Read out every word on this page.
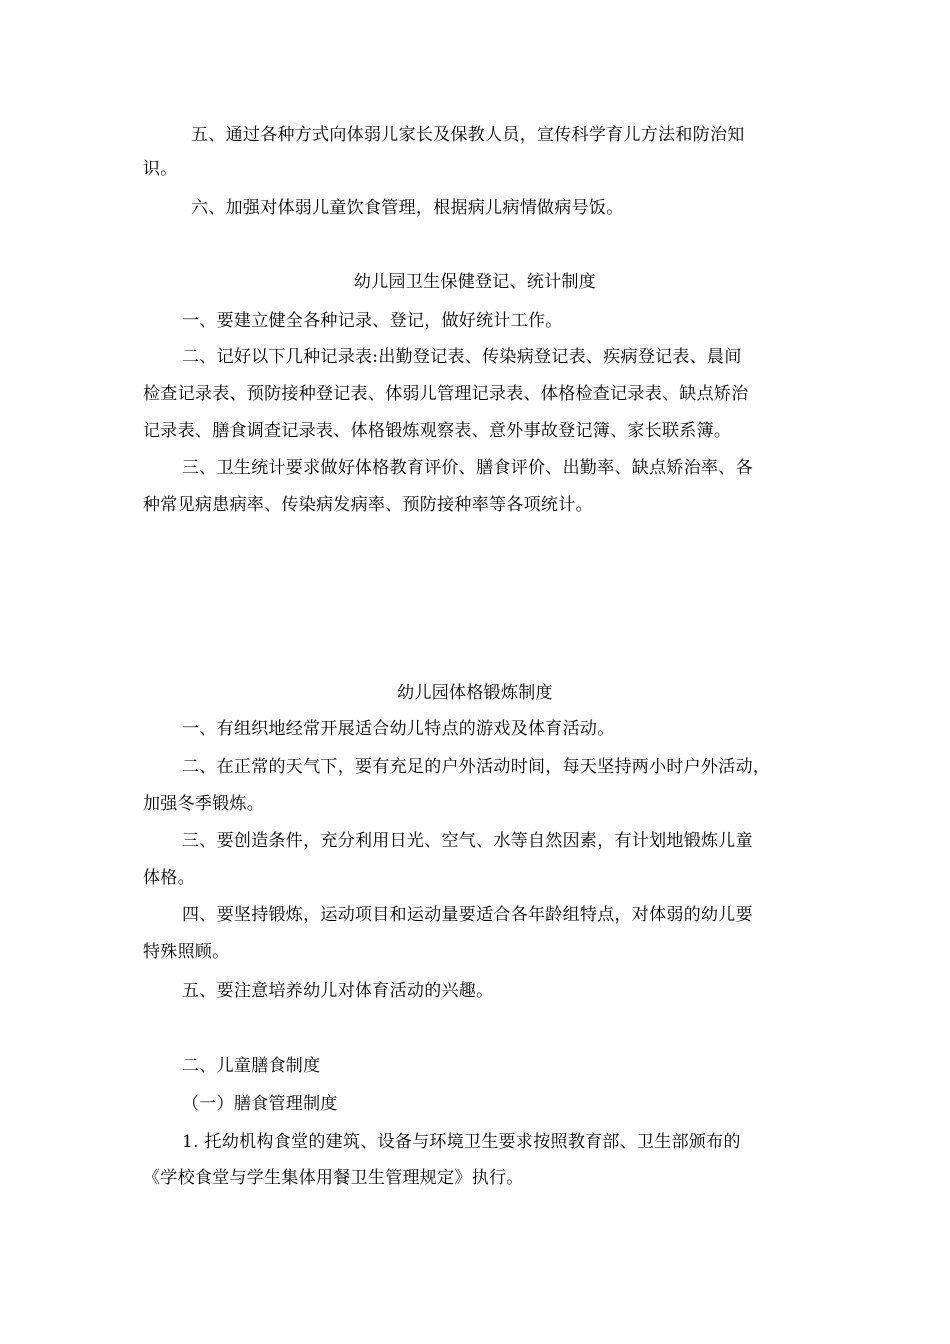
五、通过各种方式向体弱儿家长及保教人员，宣传科学育儿方法和防治知
识。
六、加强对体弱儿童饮食管理，根据病儿病情做病号饭。
幼儿园卫生保健登记、统计制度
一、要建立健全各种记录、登记，做好统计工作。
二、记好以下几种记录表:出勤登记表、传染病登记表、疾病登记表、晨间
检查记录表、预防接种登记表、体弱儿管理记录表、体格检查记录表、缺点矫治
记录表、膳食调查记录表、体格锻炼观察表、意外事故登记簿、家长联系簿。
三、卫生统计要求做好体格教育评价、膳食评价、出勤率、缺点矫治率、各
种常见病患病率、传染病发病率、预防接种率等各项统计。
幼儿园体格锻炼制度
一、有组织地经常开展适合幼儿特点的游戏及体育活动。
二、在正常的天气下，要有充足的户外活动时间，每天坚持两小时户外活动，
加强冬季锻炼。
三、要创造条件，充分利用日光、空气、水等自然因素，有计划地锻炼儿童
体格。
四、要坚持锻炼，运动项目和运动量要适合各年龄组特点，对体弱的幼儿要
特殊照顾。
五、要注意培养幼儿对体育活动的兴趣。
二、儿童膳食制度
（一）膳食管理制度
1. 托幼机构食堂的建筑、设备与环境卫生要求按照教育部、卫生部颁布的
《学校食堂与学生集体用餐卫生管理规定》执行。
